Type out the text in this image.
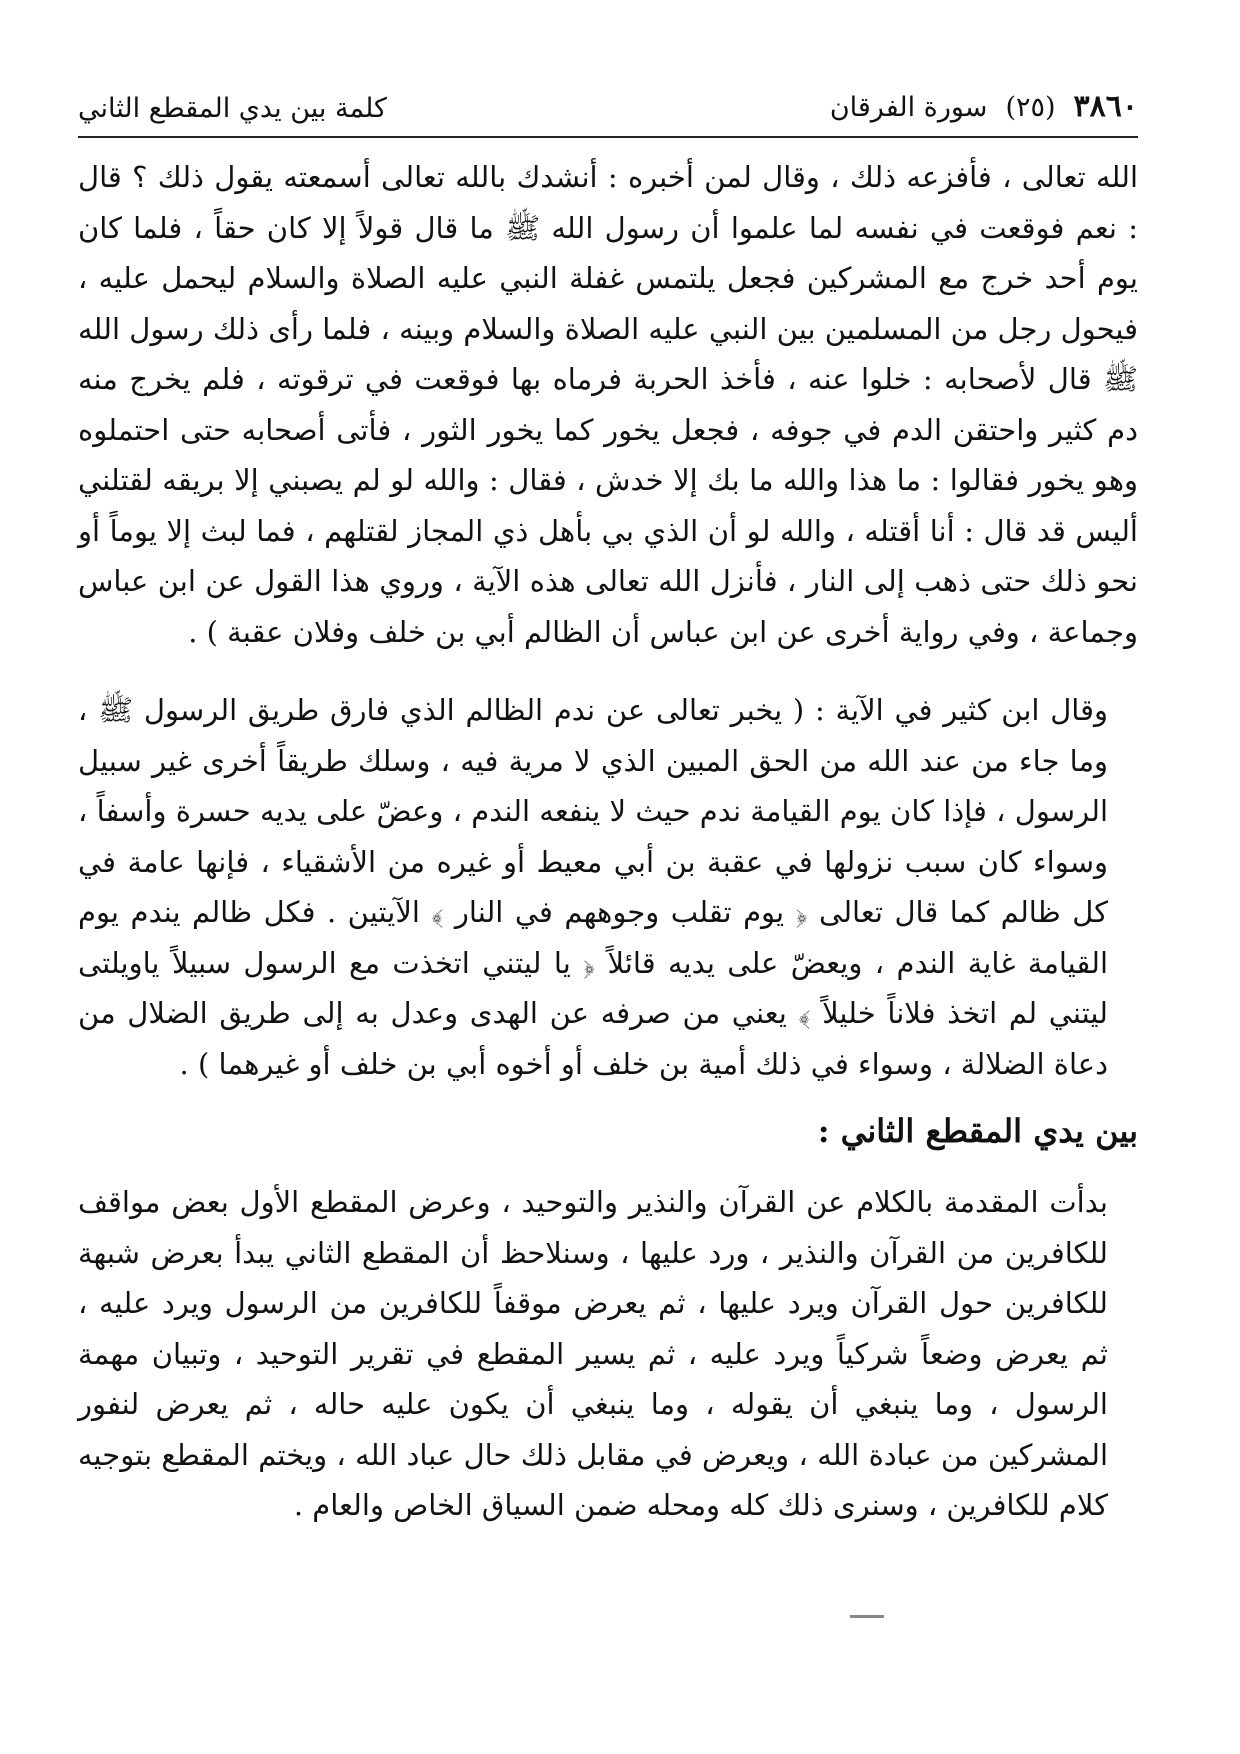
٣٨٦٠
(٢٥)
سورة الفرقان
كلمة بين يدي المقطع الثاني

الله تعالى ، فأفزعه ذلك ، وقال لمن أخبره : أنشدك بالله تعالى أسمعته يقول ذلك ؟ قال : نعم فوقعت في نفسه لما علموا أن رسول الله ﷺ ما قال قولاً إلا كان حقاً ، فلما كان يوم أحد خرج مع المشركين فجعل يلتمس غفلة النبي عليه الصلاة والسلام ليحمل عليه ، فيحول رجل من المسلمين بين النبي عليه الصلاة والسلام وبينه ، فلما رأى ذلك رسول الله ﷺ قال لأصحابه : خلوا عنه ، فأخذ الحربة فرماه بها فوقعت في ترقوته ، فلم يخرج منه دم كثير واحتقن الدم في جوفه ، فجعل يخور كما يخور الثور ، فأتى أصحابه حتى احتملوه وهو يخور فقالوا : ما هذا والله ما بك إلا خدش ، فقال : والله لو لم يصبني إلا بريقه لقتلني أليس قد قال : أنا أقتله ، والله لو أن الذي بي بأهل ذي المجاز لقتلهم ، فما لبث إلا يوماً أو نحو ذلك حتى ذهب إلى النار ، فأنزل الله تعالى هذه الآية ، وروي هذا القول عن ابن عباس وجماعة ، وفي رواية أخرى عن ابن عباس أن الظالم أبي بن خلف وفلان عقبة ) .

وقال ابن كثير في الآية : ( يخبر تعالى عن ندم الظالم الذي فارق طريق الرسول ﷺ ، وما جاء من عند الله من الحق المبين الذي لا مرية فيه ، وسلك طريقاً أخرى غير سبيل الرسول ، فإذا كان يوم القيامة ندم حيث لا ينفعه الندم ، وعضّ على يديه حسرة وأسفاً ، وسواء كان سبب نزولها في عقبة بن أبي معيط أو غيره من الأشقياء ، فإنها عامة في كل ظالم كما قال تعالى ﴿ يوم تقلب وجوههم في النار ﴾ الآيتين . فكل ظالم يندم يوم القيامة غاية الندم ، ويعضّ على يديه قائلاً ﴿ يا ليتني اتخذت مع الرسول سبيلاً ياويلتى ليتني لم اتخذ فلاناً خليلاً ﴾ يعني من صرفه عن الهدى وعدل به إلى طريق الضلال من دعاة الضلالة ، وسواء في ذلك أمية بن خلف أو أخوه أبي بن خلف أو غيرهما ) .

بين يدي المقطع الثاني :

بدأت المقدمة بالكلام عن القرآن والنذير والتوحيد ، وعرض المقطع الأول بعض مواقف للكافرين من القرآن والنذير ، ورد عليها ، وسنلاحظ أن المقطع الثاني يبدأ بعرض شبهة للكافرين حول القرآن ويرد عليها ، ثم يعرض موقفاً للكافرين من الرسول ويرد عليه ، ثم يعرض وضعاً شركياً ويرد عليه ، ثم يسير المقطع في تقرير التوحيد ، وتبيان مهمة الرسول ، وما ينبغي أن يقوله ، وما ينبغي أن يكون عليه حاله ، ثم يعرض لنفور المشركين من عبادة الله ، ويعرض في مقابل ذلك حال عباد الله ، ويختم المقطع بتوجيه كلام للكافرين ، وسنرى ذلك كله ومحله ضمن السياق الخاص والعام .
